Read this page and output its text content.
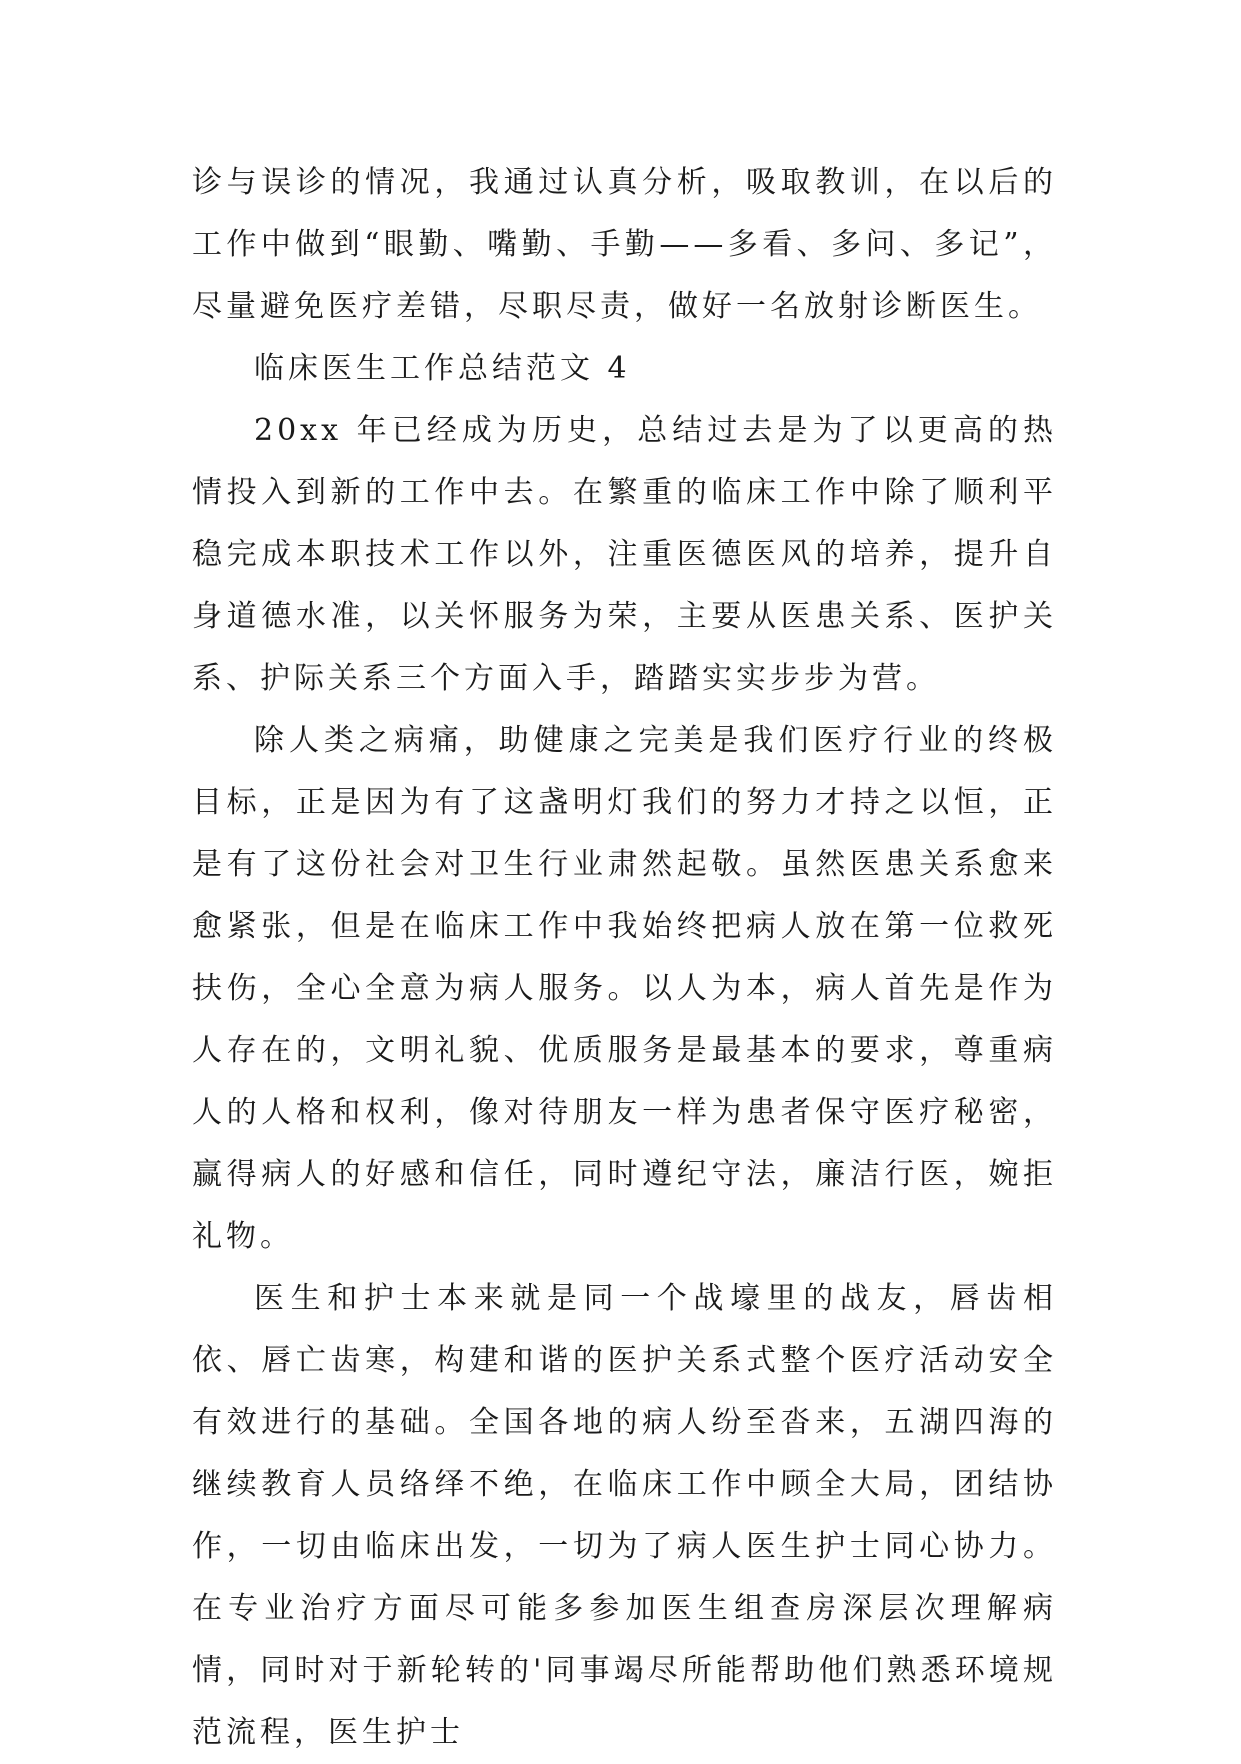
诊与误诊的情况，我通过认真分析，吸取教训，在以后的工作中做到“眼勤、嘴勤、手勤——多看、多问、多记”，尽量避免医疗差错，尽职尽责，做好一名放射诊断医生。

临床医生工作总结范文 4

20xx 年已经成为历史，总结过去是为了以更高的热情投入到新的工作中去。在繁重的临床工作中除了顺利平稳完成本职技术工作以外，注重医德医风的培养，提升自身道德水准，以关怀服务为荣，主要从医患关系、医护关系、护际关系三个方面入手，踏踏实实步步为营。

除人类之病痛，助健康之完美是我们医疗行业的终极目标，正是因为有了这盏明灯我们的努力才持之以恒，正是有了这份社会对卫生行业肃然起敬。虽然医患关系愈来愈紧张，但是在临床工作中我始终把病人放在第一位救死扶伤，全心全意为病人服务。以人为本，病人首先是作为人存在的，文明礼貌、优质服务是最基本的要求，尊重病人的人格和权利，像对待朋友一样为患者保守医疗秘密，赢得病人的好感和信任，同时遵纪守法，廉洁行医，婉拒礼物。

医生和护士本来就是同一个战壕里的战友，唇齿相依、唇亡齿寒，构建和谐的医护关系式整个医疗活动安全有效进行的基础。全国各地的病人纷至沓来，五湖四海的继续教育人员络绎不绝，在临床工作中顾全大局，团结协作，一切由临床出发，一切为了病人医生护士同心协力。在专业治疗方面尽可能多参加医生组查房深层次理解病情，同时对于新轮转的'同事竭尽所能帮助他们熟悉环境规范流程，医生护士
